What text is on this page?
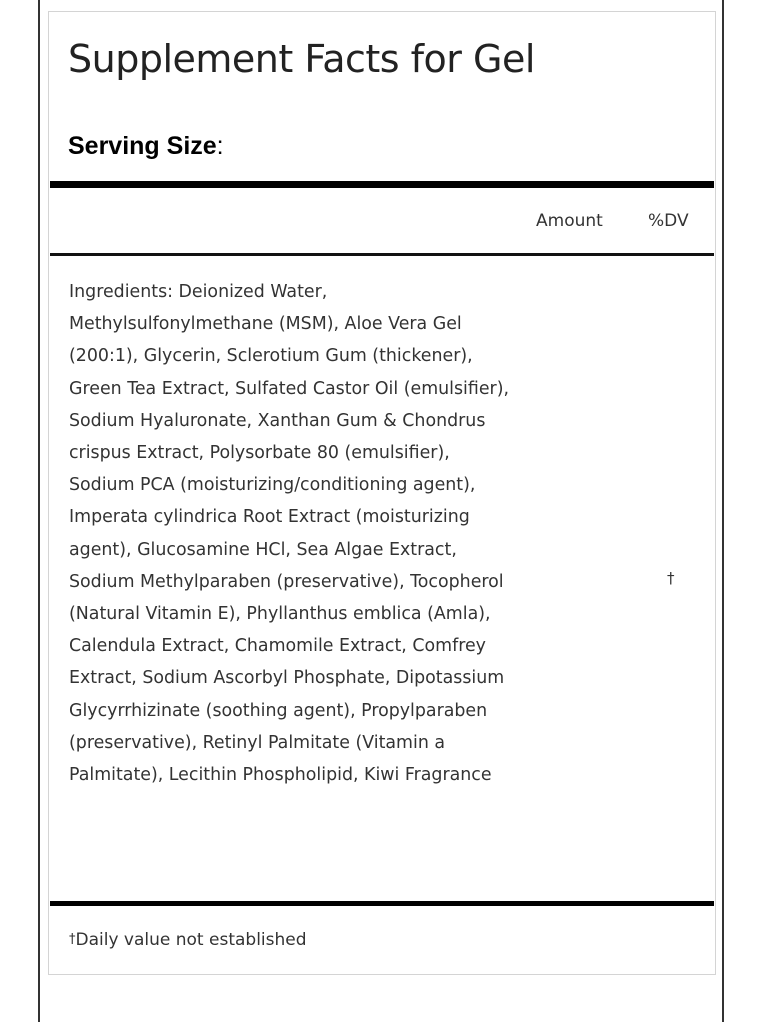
Supplement Facts for Gel

Serving Size:

Amount	%DV

Ingredients: Deionized Water, Methylsulfonylmethane (MSM), Aloe Vera Gel (200:1), Glycerin, Sclerotium Gum (thickener), Green Tea Extract, Sulfated Castor Oil (emulsifier), Sodium Hyaluronate, Xanthan Gum & Chondrus crispus Extract, Polysorbate 80 (emulsifier), Sodium PCA (moisturizing/conditioning agent), Imperata cylindrica Root Extract (moisturizing agent), Glucosamine HCl, Sea Algae Extract, Sodium Methylparaben (preservative), Tocopherol (Natural Vitamin E), Phyllanthus emblica (Amla), Calendula Extract, Chamomile Extract, Comfrey Extract, Sodium Ascorbyl Phosphate, Dipotassium Glycyrrhizinate (soothing agent), Propylparaben (preservative), Retinyl Palmitate (Vitamin a Palmitate), Lecithin Phospholipid, Kiwi Fragrance

†

†Daily value not established
